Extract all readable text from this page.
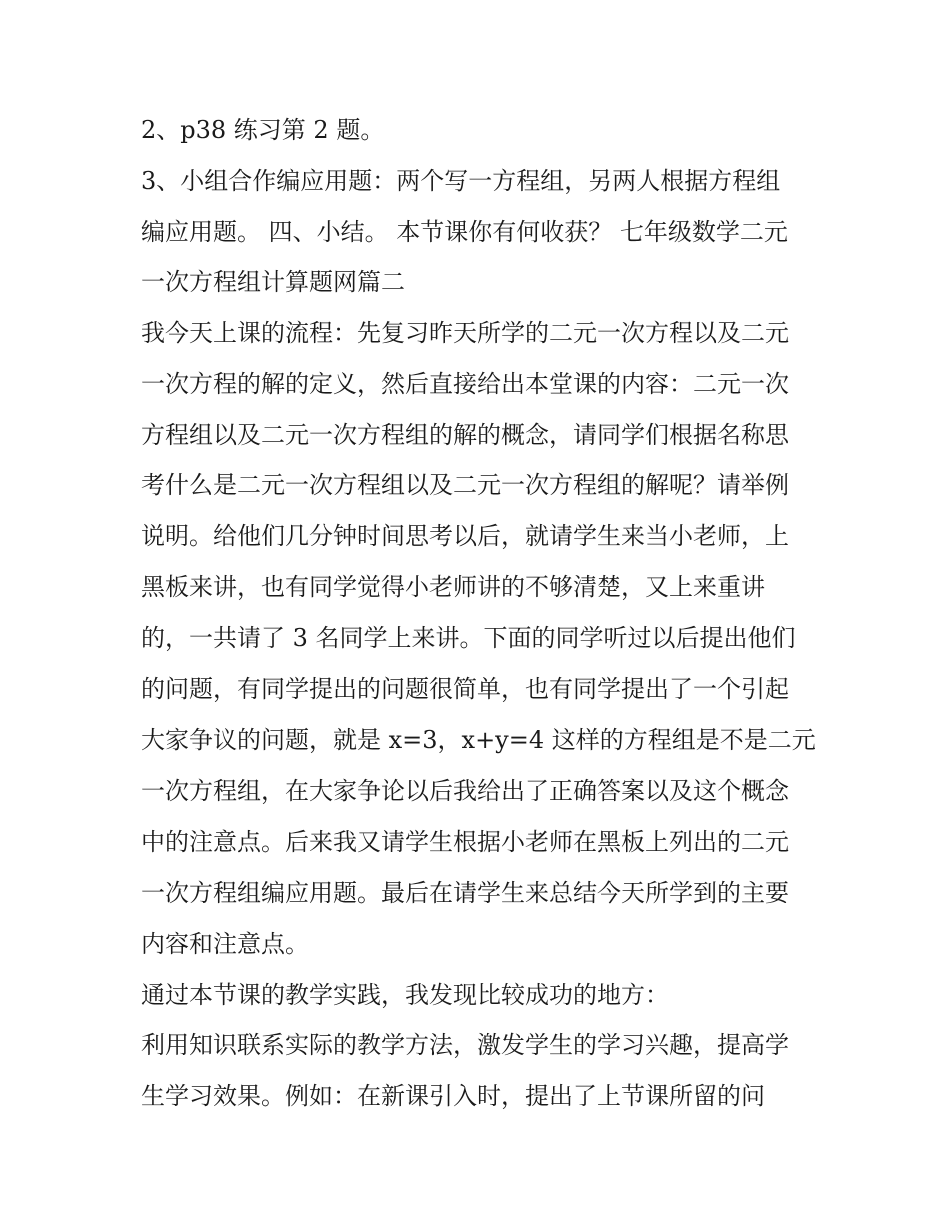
2、p38 练习第 2 题。
3、小组合作编应用题：两个写一方程组，另两人根据方程组
编应用题。 四、小结。 本节课你有何收获？ 七年级数学二元
一次方程组计算题网篇二
我今天上课的流程：先复习昨天所学的二元一次方程以及二元
一次方程的解的定义，然后直接给出本堂课的内容：二元一次
方程组以及二元一次方程组的解的概念，请同学们根据名称思
考什么是二元一次方程组以及二元一次方程组的解呢？请举例
说明。给他们几分钟时间思考以后，就请学生来当小老师，上
黑板来讲，也有同学觉得小老师讲的不够清楚，又上来重讲
的，一共请了 3 名同学上来讲。下面的同学听过以后提出他们
的问题，有同学提出的问题很简单，也有同学提出了一个引起
大家争议的问题，就是 x=3，x+y=4 这样的方程组是不是二元
一次方程组，在大家争论以后我给出了正确答案以及这个概念
中的注意点。后来我又请学生根据小老师在黑板上列出的二元
一次方程组编应用题。最后在请学生来总结今天所学到的主要
内容和注意点。
通过本节课的教学实践，我发现比较成功的地方：
利用知识联系实际的教学方法，激发学生的学习兴趣，提高学
生学习效果。例如：在新课引入时，提出了上节课所留的问
